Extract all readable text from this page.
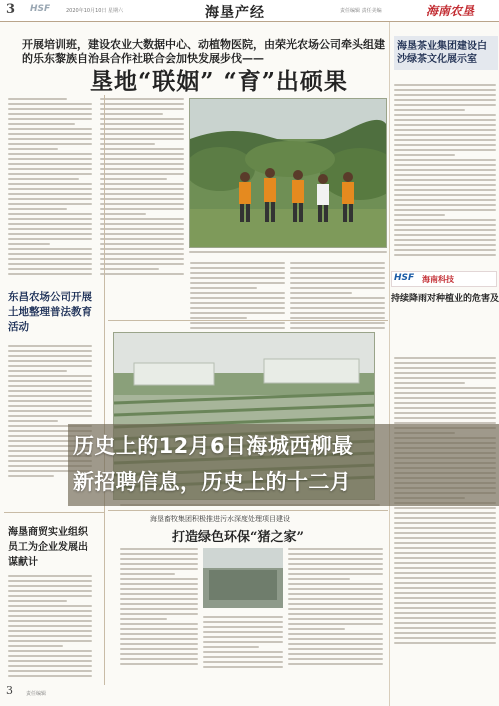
3 HSF	2020年10月10日 星期六	海垦产经	责任编辑 责任美编	海南农垦
开展培训班，建设农业大数据中心、动植物医院，由荣光农场公司牵头组建的乐东黎族自治县合作社联合会加快发展步伐——
垦地“联姻” “育”出硕果
东昌农场公司开展土地整理普法教育活动
海垦商贸实业组织员工为企业发展出谋献计
海垦畜牧集团积极推进污水深度处理项目建设
打造绿色环保“猪之家”
海垦茶业集团建设白沙绿茶文化展示室
HSF 海南科技
持续降雨对种植业的危害及
3	责任编辑
历史上的12月6日海城西柳最
新招聘信息，历史上的十二月
